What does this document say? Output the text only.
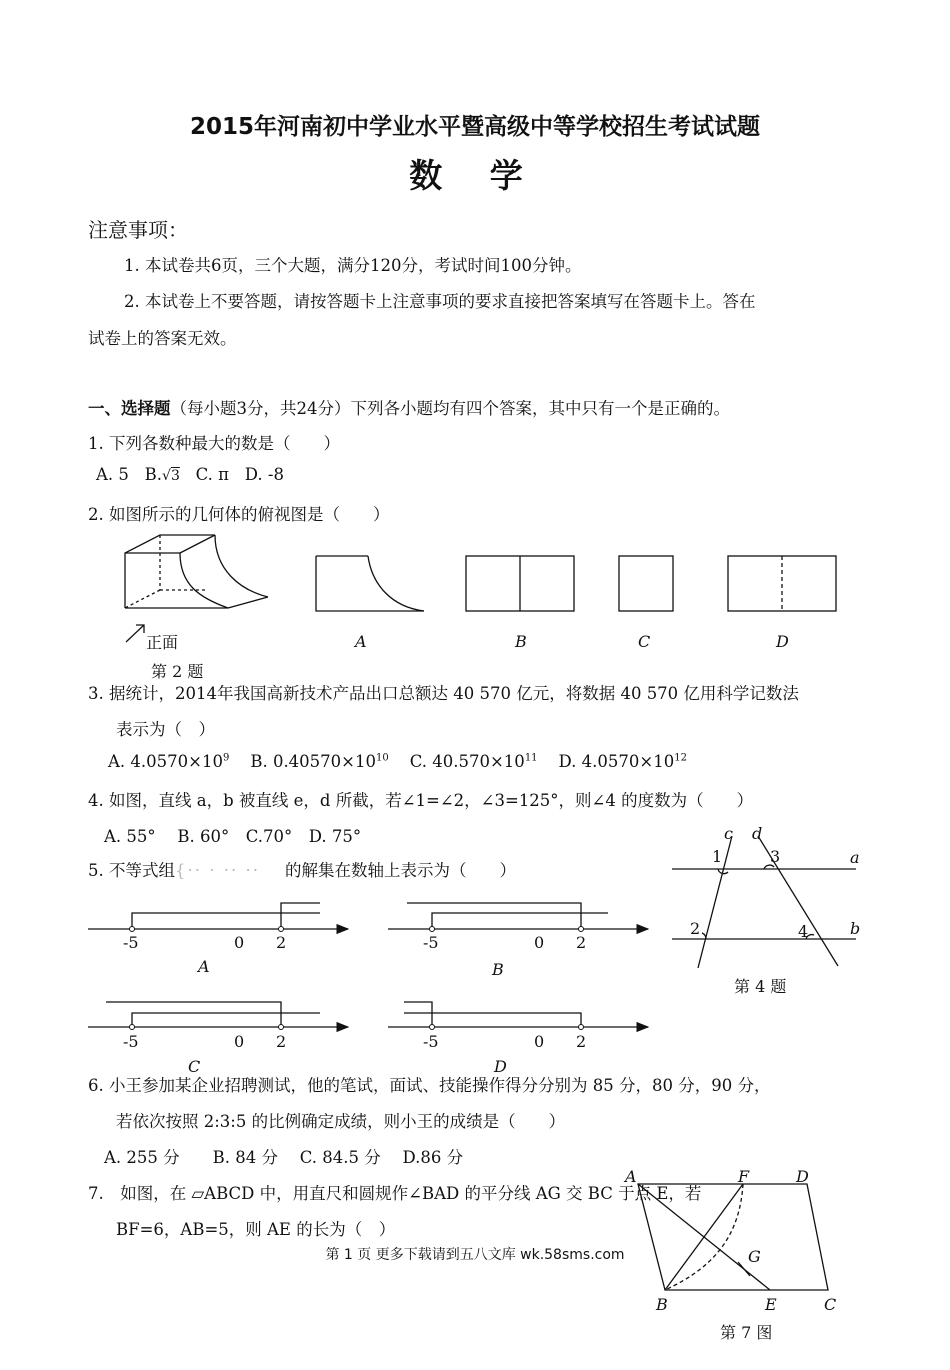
2015年河南初中学业水平暨高级中等学校招生考试试题
数 学
注意事项：
1. 本试卷共6页，三个大题，满分120分，考试时间100分钟。
2. 本试卷上不要答题，请按答题卡上注意事项的要求直接把答案填写在答题卡上。答在
试卷上的答案无效。
一、选择题（每小题3分，共24分）下列各小题均有四个答案，其中只有一个是正确的。
1. 下列各数种最大的数是（　　）
A. 5 B.√3 C. π D. -8
2. 如图所示的几何体的俯视图是（　　）
正面	A	B	C	D
第 2 题
3. 据统计，2014年我国高新技术产品出口总额达 40 570 亿元，将数据 40 570 亿用科学记数法
表示为（　）
A. $4.0570\times 10^9$ B. $0.40570\times 10^{10}$ C. $40.570\times 10^{11}$ D. $4.0570\times 10^{12}$
4. 如图，直线 a，b 被直线 e，d 所截，若∠1=∠2，∠3=125°，则∠4 的度数为（　　）
A. 55°　 B. 60°　C.70°　D. 75°	c d
1	3	a
2	4	b
第 4 题
5. 不等式组{·· · ·· ·· 的解集在数轴上表示为（　　）
-5	0 2
A
-5	0 2
B
-5	0 2
C
-5	0 2
D
6. 小王参加某企业招聘测试，他的笔试，面试、技能操作得分分别为 85 分，80 分，90 分，
若依次按照 2:3:5 的比例确定成绩，则小王的成绩是（　　）
A. 255 分　　B. 84 分　 C. 84.5 分　 D.86 分
7.　如图，在 ▱ABCD 中，用直尺和圆规作∠BAD 的平分线 AG 交 BC 于点 E，若
BF=6，AB=5，则 AE 的长为（　）
A	F	D
G
B	E	C
第 7 图
第 1 页 更多下载请到五八文库 wk.58sms.com
